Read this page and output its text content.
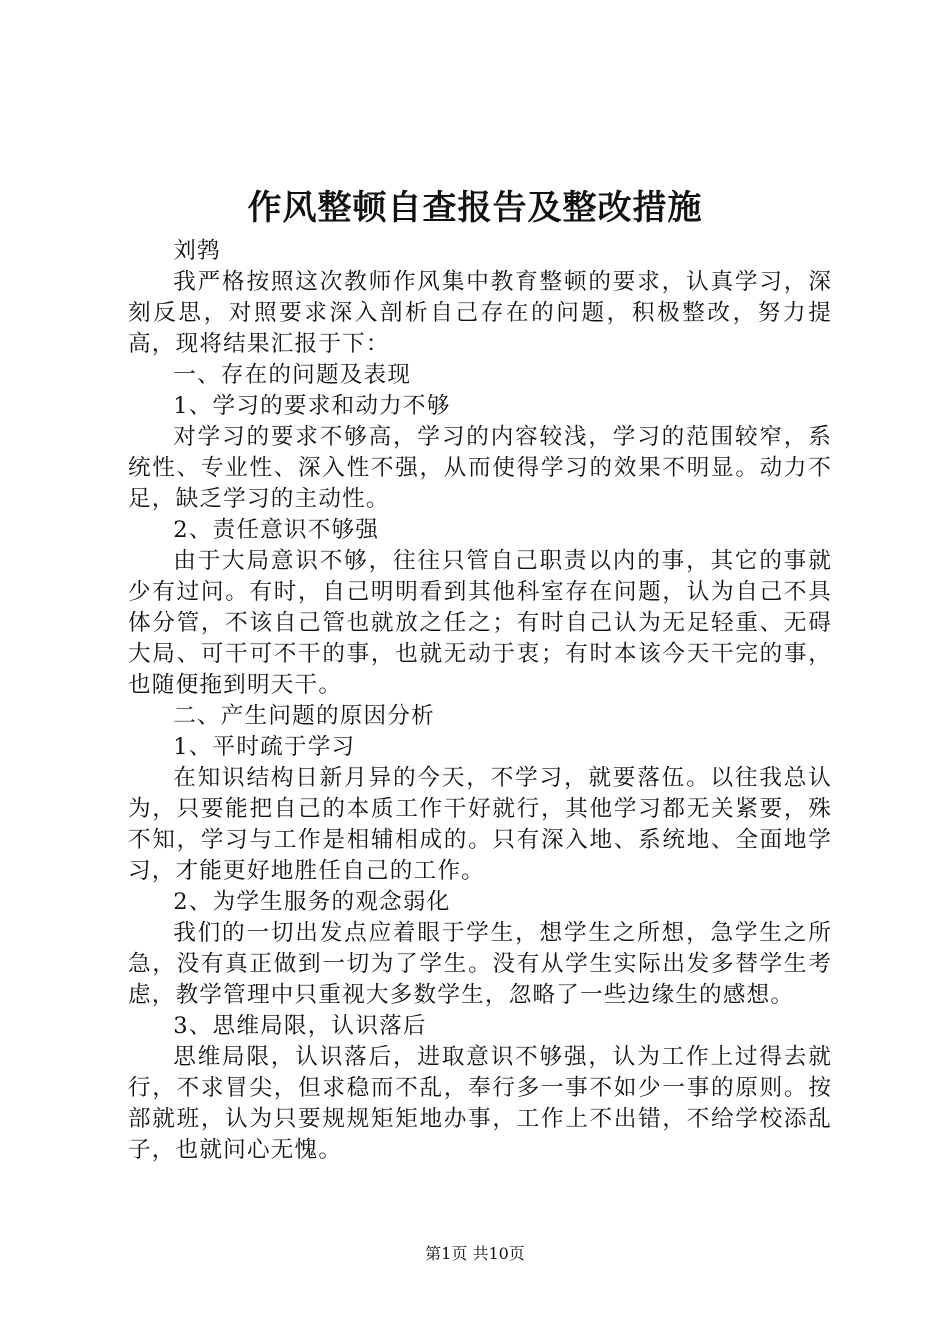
作风整顿自查报告及整改措施

刘鹁

我严格按照这次教师作风集中教育整顿的要求，认真学习，深刻反思，对照要求深入剖析自己存在的问题，积极整改，努力提高，现将结果汇报于下：

一、存在的问题及表现

1、学习的要求和动力不够

对学习的要求不够高，学习的内容较浅，学习的范围较窄，系统性、专业性、深入性不强，从而使得学习的效果不明显。动力不足，缺乏学习的主动性。

2、责任意识不够强

由于大局意识不够，往往只管自己职责以内的事，其它的事就少有过问。有时，自己明明看到其他科室存在问题，认为自己不具体分管，不该自己管也就放之任之；有时自己认为无足轻重、无碍大局、可干可不干的事，也就无动于衷；有时本该今天干完的事，也随便拖到明天干。

二、产生问题的原因分析

1、平时疏于学习

在知识结构日新月异的今天，不学习，就要落伍。以往我总认为，只要能把自己的本质工作干好就行，其他学习都无关紧要，殊不知，学习与工作是相辅相成的。只有深入地、系统地、全面地学习，才能更好地胜任自己的工作。

2、为学生服务的观念弱化

我们的一切出发点应着眼于学生，想学生之所想，急学生之所急，没有真正做到一切为了学生。没有从学生实际出发多替学生考虑，教学管理中只重视大多数学生，忽略了一些边缘生的感想。

3、思维局限，认识落后

思维局限，认识落后，进取意识不够强，认为工作上过得去就行，不求冒尖，但求稳而不乱，奉行多一事不如少一事的原则。按部就班，认为只要规规矩矩地办事，工作上不出错，不给学校添乱子，也就问心无愧。

第1页 共10页
